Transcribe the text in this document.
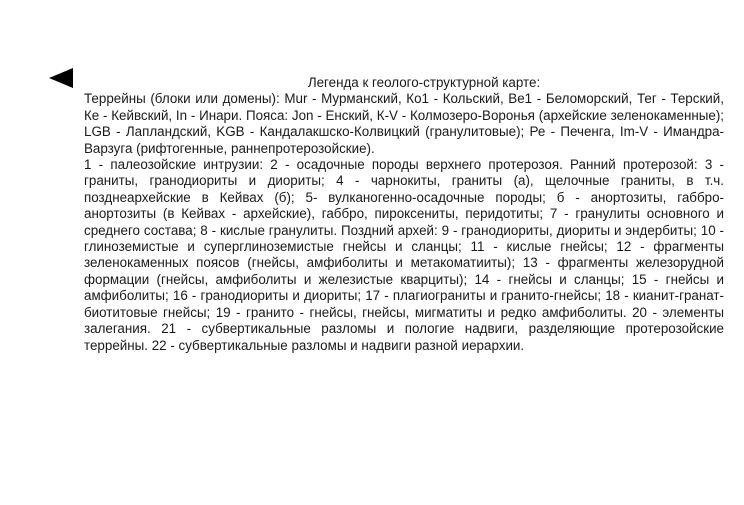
Легенда к геолого-структурной карте:

Террейны (блоки или домены): Мur - Мурманский, Ко1 - Кольский, Ве1 - Беломорский, Тег - Терский, Ке - Кейвский, In - Инари. Пояса: Jon - Енский, К-V - Колмозеро-Воронья (архейские зеленокаменные); LGB - Лапландский, KGB - Кандалакшско-Колвицкий (гранулитовые); Ре - Печенга, Im-V - Имандра-Варзуга (рифтогенные, раннепротерозойские).

1 - палеозойские интрузии: 2 - осадочные породы верхнего протерозоя. Ранний протерозой: 3 - граниты, гранодиориты и диориты; 4 - чарнокиты, граниты (а), щелочные граниты, в т.ч. позднеархейские в Кейвах (б); 5- вулканогенно-осадочные породы; б - анортозиты, габбро-анортозиты (в Кейвах - архейские), габбро, пироксениты, перидотиты; 7 - гранулиты основного и среднего состава; 8 - кислые гранулиты. Поздний архей: 9 - гранодиориты, диориты и эндербиты; 10 - глиноземистые и суперглиноземистые гнейсы и сланцы; 11 - кислые гнейсы; 12 - фрагменты зеленокаменных поясов (гнейсы, амфиболиты и метакоматииты); 13 - фрагменты железорудной формации (гнейсы, амфиболиты и железистые кварциты); 14 - гнейсы и сланцы; 15 - гнейсы и амфиболиты; 16 - гранодиориты и диориты; 17 - плагиограниты и гранито-гнейсы; 18 - кианит-гранат-биотитовые гнейсы; 19 - гранито - гнейсы, гнейсы, мигматиты и редко амфиболиты. 20 - элементы залегания. 21 - субвертикальные разломы и пологие надвиги, разделяющие протерозойские террейны. 22 - субвертикальные разломы и надвиги разной иерархии.
